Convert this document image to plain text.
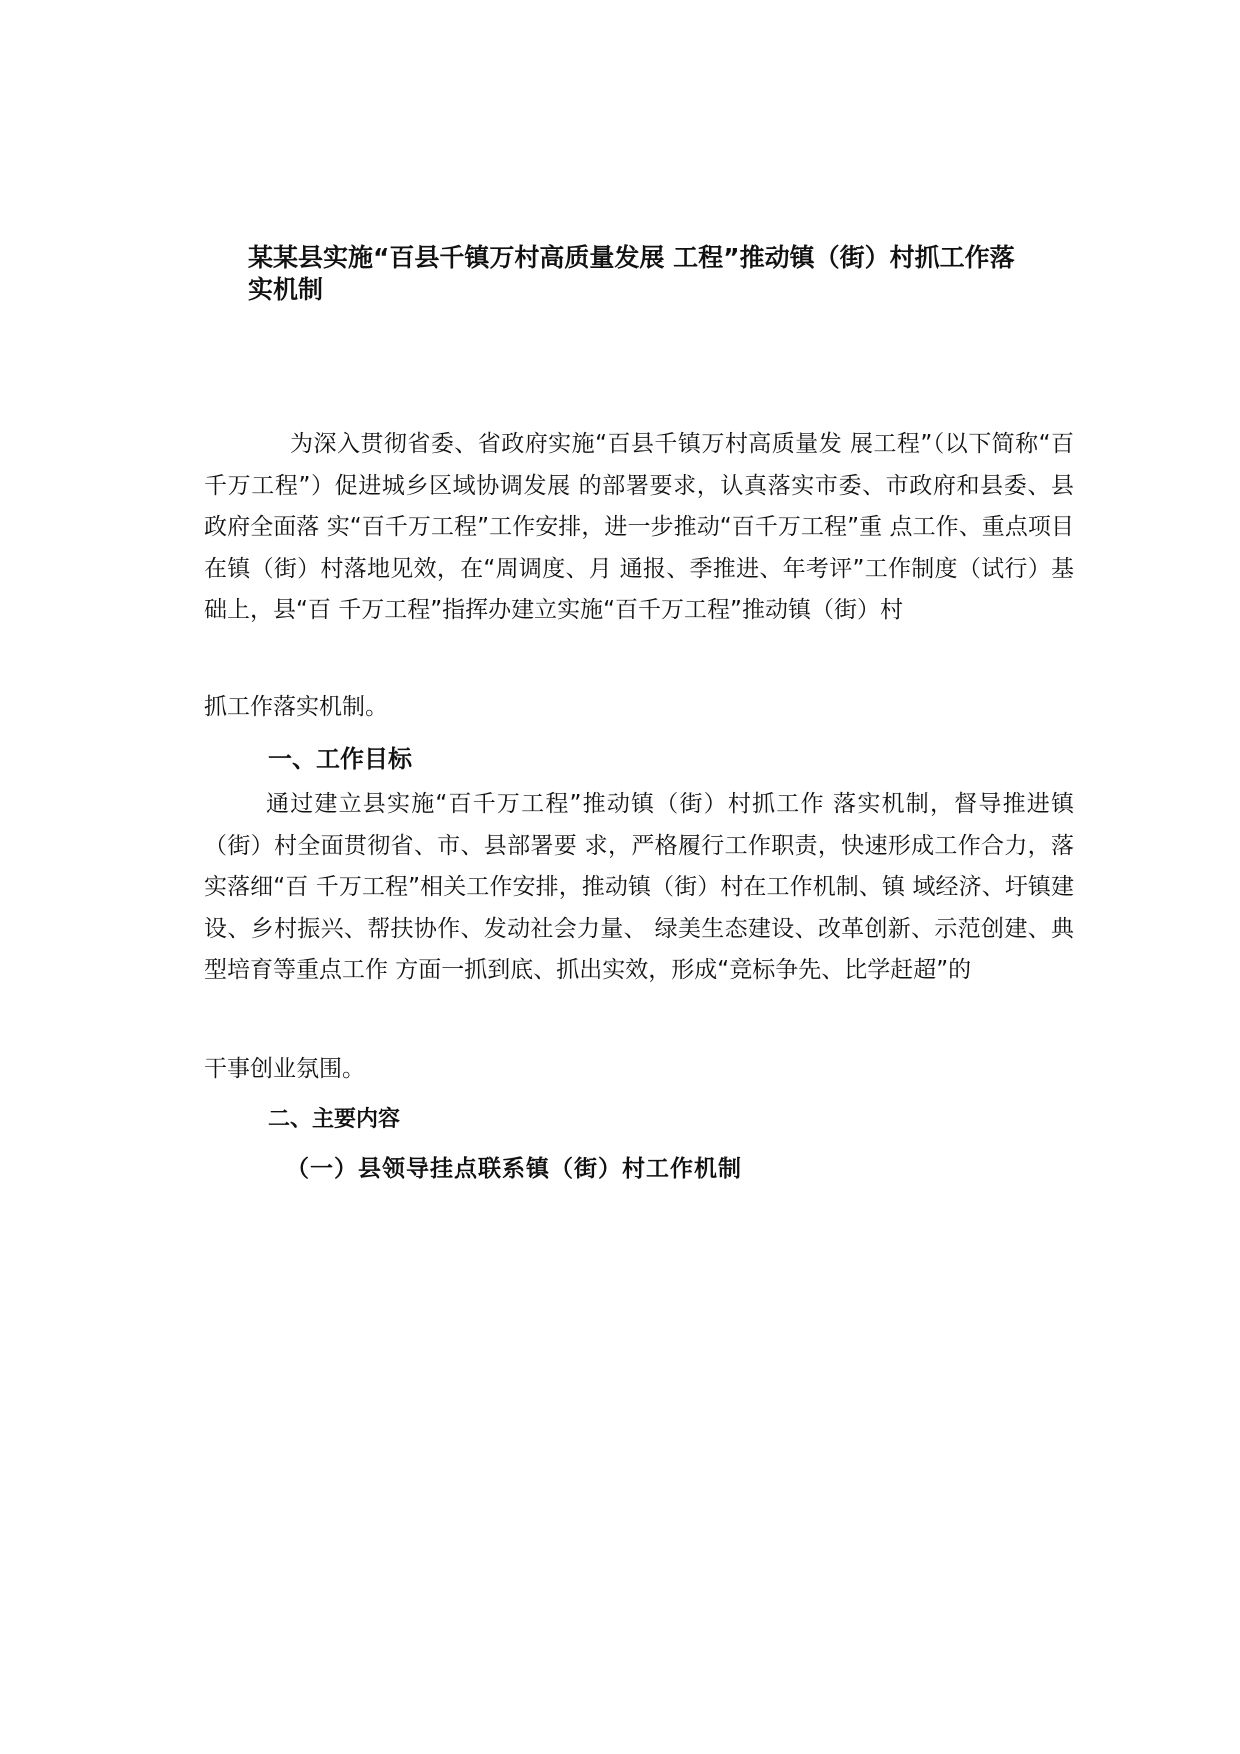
某某县实施“百县千镇万村高质量发展 工程”推动镇（街）村抓工作落实机制

为深入贯彻省委、省政府实施“百县千镇万村高质量发 展工程”（以下简称“百千万工程”）促进城乡区域协调发展 的部署要求，认真落实市委、市政府和县委、县政府全面落 实“百千万工程”工作安排，进一步推动“百千万工程”重 点工作、重点项目在镇（街）村落地见效，在“周调度、月 通报、季推进、年考评”工作制度（试行）基础上，县“百 千万工程”指挥办建立实施“百千万工程”推动镇（街）村

抓工作落实机制。

一、工作目标

通过建立县实施“百千万工程”推动镇（街）村抓工作 落实机制，督导推进镇（街）村全面贯彻省、市、县部署要 求，严格履行工作职责，快速形成工作合力，落实落细“百 千万工程”相关工作安排，推动镇（街）村在工作机制、镇 域经济、圩镇建设、乡村振兴、帮扶协作、发动社会力量、 绿美生态建设、改革创新、示范创建、典型培育等重点工作 方面一抓到底、抓出实效，形成“竞标争先、比学赶超”的

干事创业氛围。

二、主要内容
（一）县领导挂点联系镇（街）村工作机制
